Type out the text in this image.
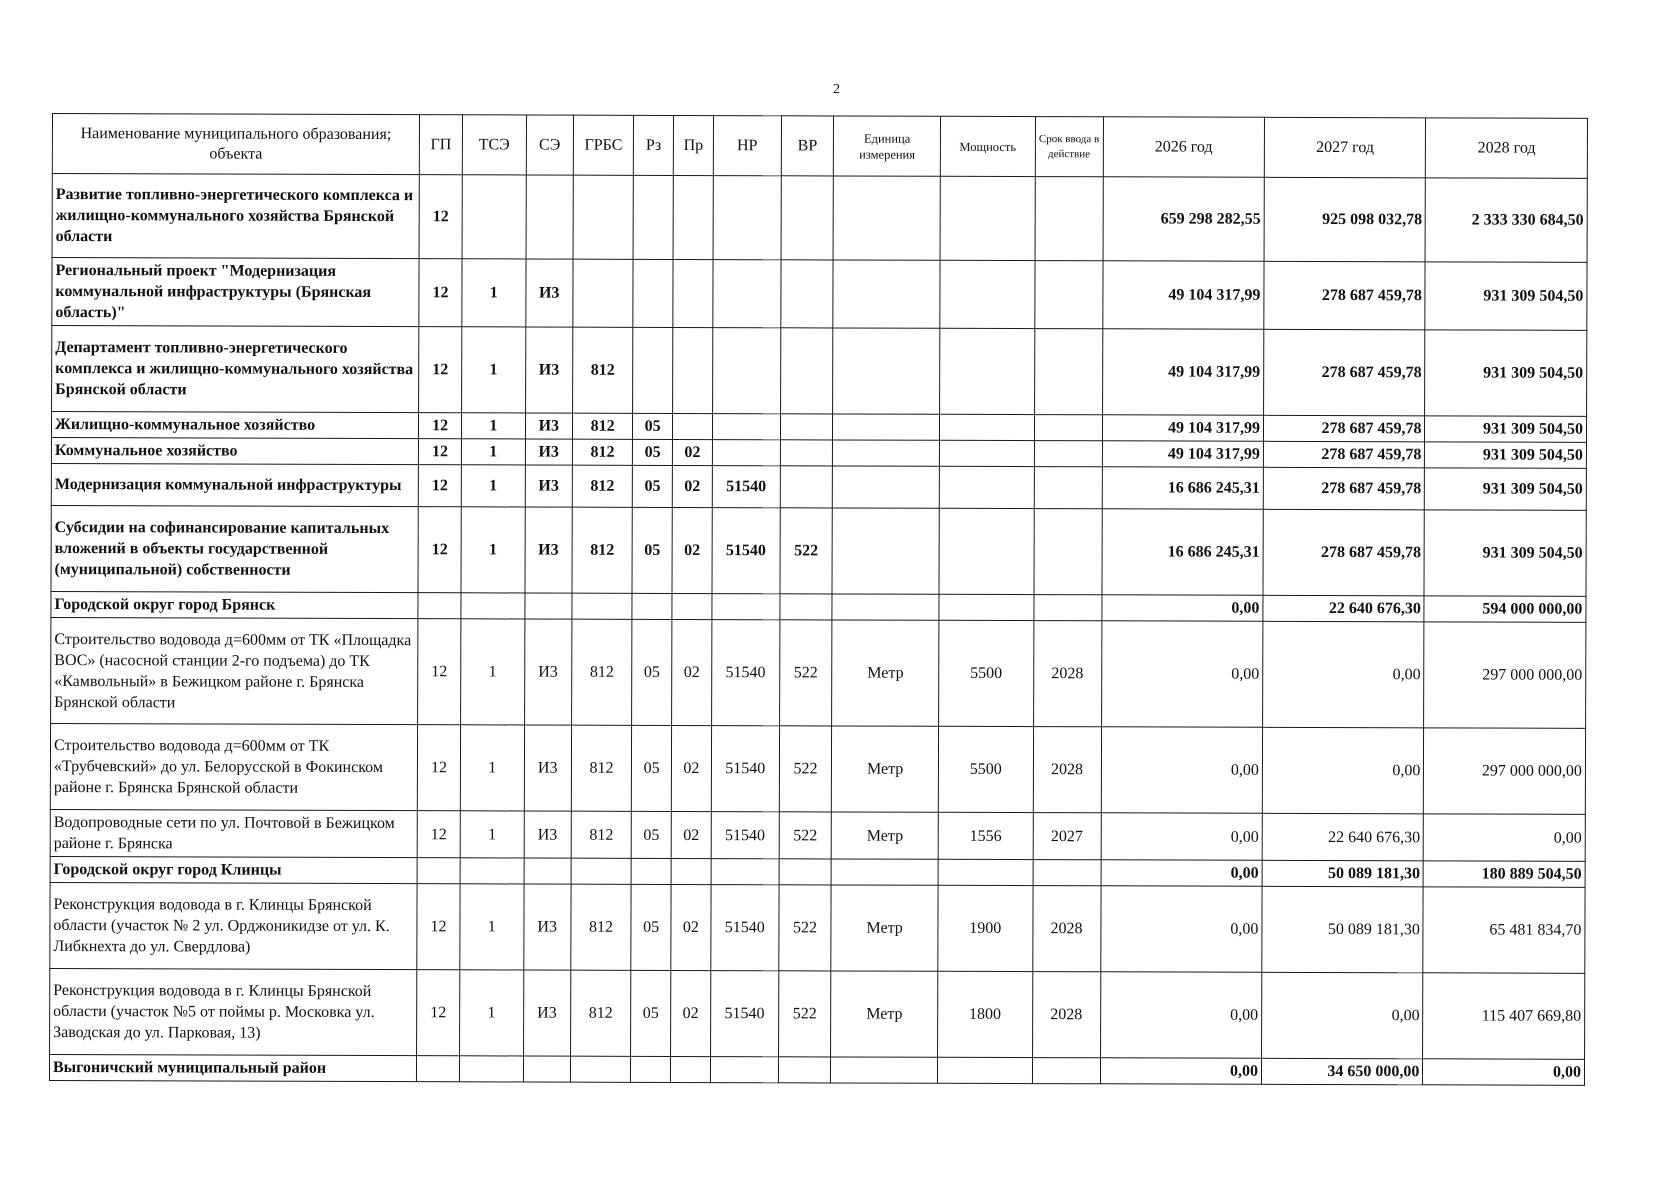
2
Наименование муниципального образования; объекта	ГП	ТСЭ	СЭ	ГРБС	Рз	Пр	НР	ВР	Единица измерения	Мощность	Срок ввода в действие	2026 год	2027 год	2028 год
Развитие топливно-энергетического комплекса и жилищно-коммунального хозяйства Брянской области	12											659 298 282,55	925 098 032,78	2 333 330 684,50
Региональный проект "Модернизация коммунальной инфраструктуры (Брянская область)"	12	1	И3									49 104 317,99	278 687 459,78	931 309 504,50
Департамент топливно-энергетического комплекса и жилищно-коммунального хозяйства Брянской области	12	1	И3	812								49 104 317,99	278 687 459,78	931 309 504,50
Жилищно-коммунальное хозяйство	12	1	И3	812	05							49 104 317,99	278 687 459,78	931 309 504,50
Коммунальное хозяйство	12	1	И3	812	05	02						49 104 317,99	278 687 459,78	931 309 504,50
Модернизация коммунальной инфраструктуры	12	1	И3	812	05	02	51540					16 686 245,31	278 687 459,78	931 309 504,50
Субсидии на софинансирование капитальных вложений в объекты государственной (муниципальной) собственности	12	1	И3	812	05	02	51540	522				16 686 245,31	278 687 459,78	931 309 504,50
Городской округ город Брянск												0,00	22 640 676,30	594 000 000,00
Строительство водовода д=600мм от ТК «Площадка ВОС» (насосной станции 2-го подъема) до ТК «Камвольный» в Бежицком районе г. Брянска Брянской области	12	1	И3	812	05	02	51540	522	Метр	5500	2028	0,00	0,00	297 000 000,00
Строительство водовода д=600мм от ТК «Трубчевский» до ул. Белорусской в Фокинском районе г. Брянска Брянской области	12	1	И3	812	05	02	51540	522	Метр	5500	2028	0,00	0,00	297 000 000,00
Водопроводные сети по ул. Почтовой в Бежицком районе г. Брянска	12	1	И3	812	05	02	51540	522	Метр	1556	2027	0,00	22 640 676,30	0,00
Городской округ город Клинцы												0,00	50 089 181,30	180 889 504,50
Реконструкция водовода в г. Клинцы Брянской области (участок № 2 ул. Орджоникидзе от ул. К. Либкнехта до ул. Свердлова)	12	1	И3	812	05	02	51540	522	Метр	1900	2028	0,00	50 089 181,30	65 481 834,70
Реконструкция водовода в г. Клинцы Брянской области (участок №5 от поймы р. Московка ул. Заводская до ул. Парковая, 13)	12	1	И3	812	05	02	51540	522	Метр	1800	2028	0,00	0,00	115 407 669,80
Выгоничский муниципальный район												0,00	34 650 000,00	0,00
